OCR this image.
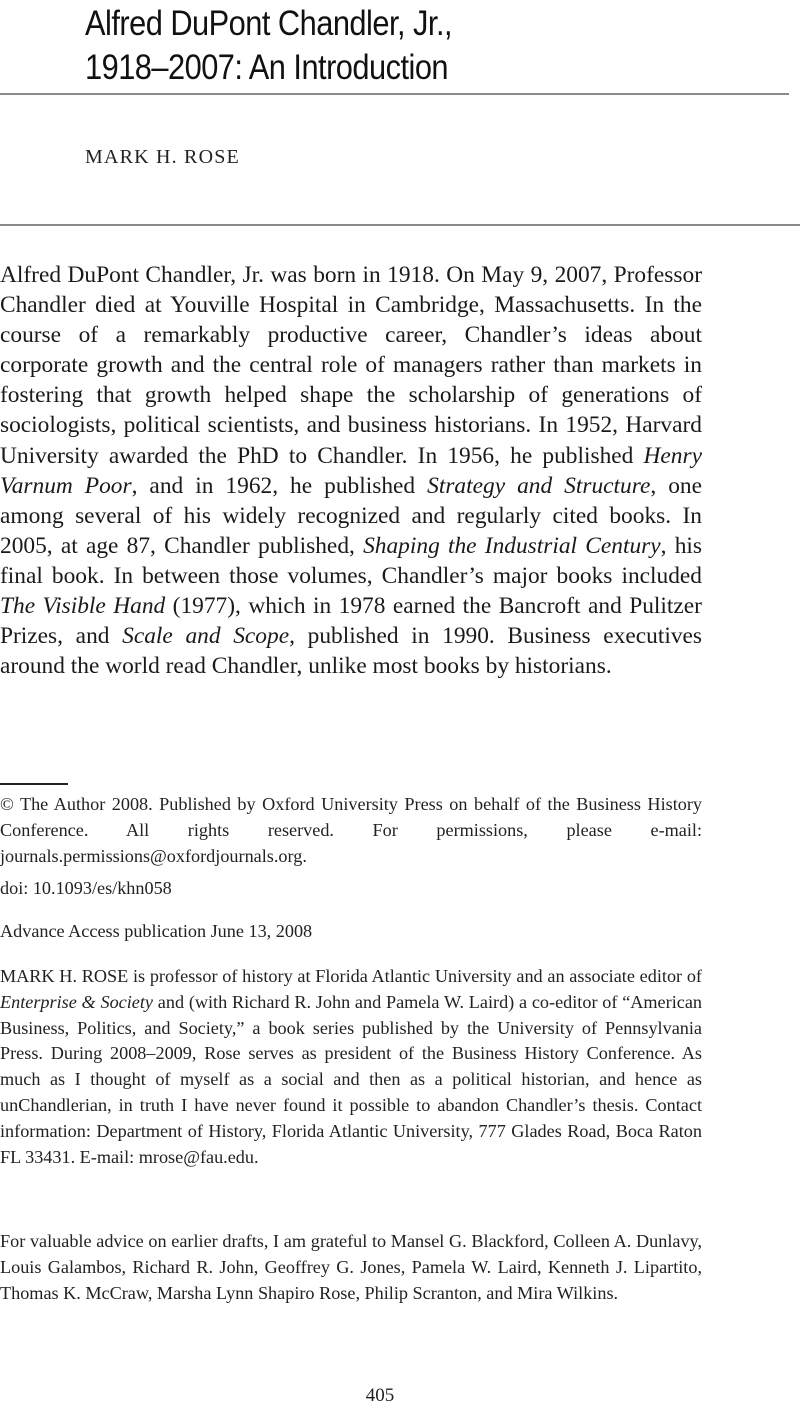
Alfred DuPont Chandler, Jr.,
1918–2007: An Introduction
MARK H. ROSE

Alfred DuPont Chandler, Jr. was born in 1918. On May 9, 2007, Professor Chandler died at Youville Hospital in Cambridge, Massachusetts. In the course of a remarkably productive career, Chandler’s ideas about corporate growth and the central role of managers rather than markets in fostering that growth helped shape the scholarship of generations of sociologists, political scientists, and business historians. In 1952, Harvard University awarded the PhD to Chandler. In 1956, he published Henry Varnum Poor, and in 1962, he published Strategy and Structure, one among several of his widely recognized and regularly cited books. In 2005, at age 87, Chandler published, Shaping the Industrial Century, his final book. In between those volumes, Chandler’s major books included The Visible Hand (1977), which in 1978 earned the Bancroft and Pulitzer Prizes, and Scale and Scope, published in 1990. Business executives around the world read Chandler, unlike most books by historians.

© The Author 2008. Published by Oxford University Press on behalf of the Business History Conference. All rights reserved. For permissions, please e-mail: journals.permissions@oxfordjournals.org.

doi: 10.1093/es/khn058

Advance Access publication June 13, 2008

MARK H. ROSE is professor of history at Florida Atlantic University and an associate editor of Enterprise & Society and (with Richard R. John and Pamela W. Laird) a co-editor of “American Business, Politics, and Society,” a book series published by the University of Pennsylvania Press. During 2008–2009, Rose serves as president of the Business History Conference. As much as I thought of myself as a social and then as a political historian, and hence as unChandlerian, in truth I have never found it possible to abandon Chandler’s thesis. Contact information: Department of History, Florida Atlantic University, 777 Glades Road, Boca Raton FL 33431. E-mail: mrose@fau.edu.

For valuable advice on earlier drafts, I am grateful to Mansel G. Blackford, Colleen A. Dunlavy, Louis Galambos, Richard R. John, Geoffrey G. Jones, Pamela W. Laird, Kenneth J. Lipartito, Thomas K. McCraw, Marsha Lynn Shapiro Rose, Philip Scranton, and Mira Wilkins.

405
